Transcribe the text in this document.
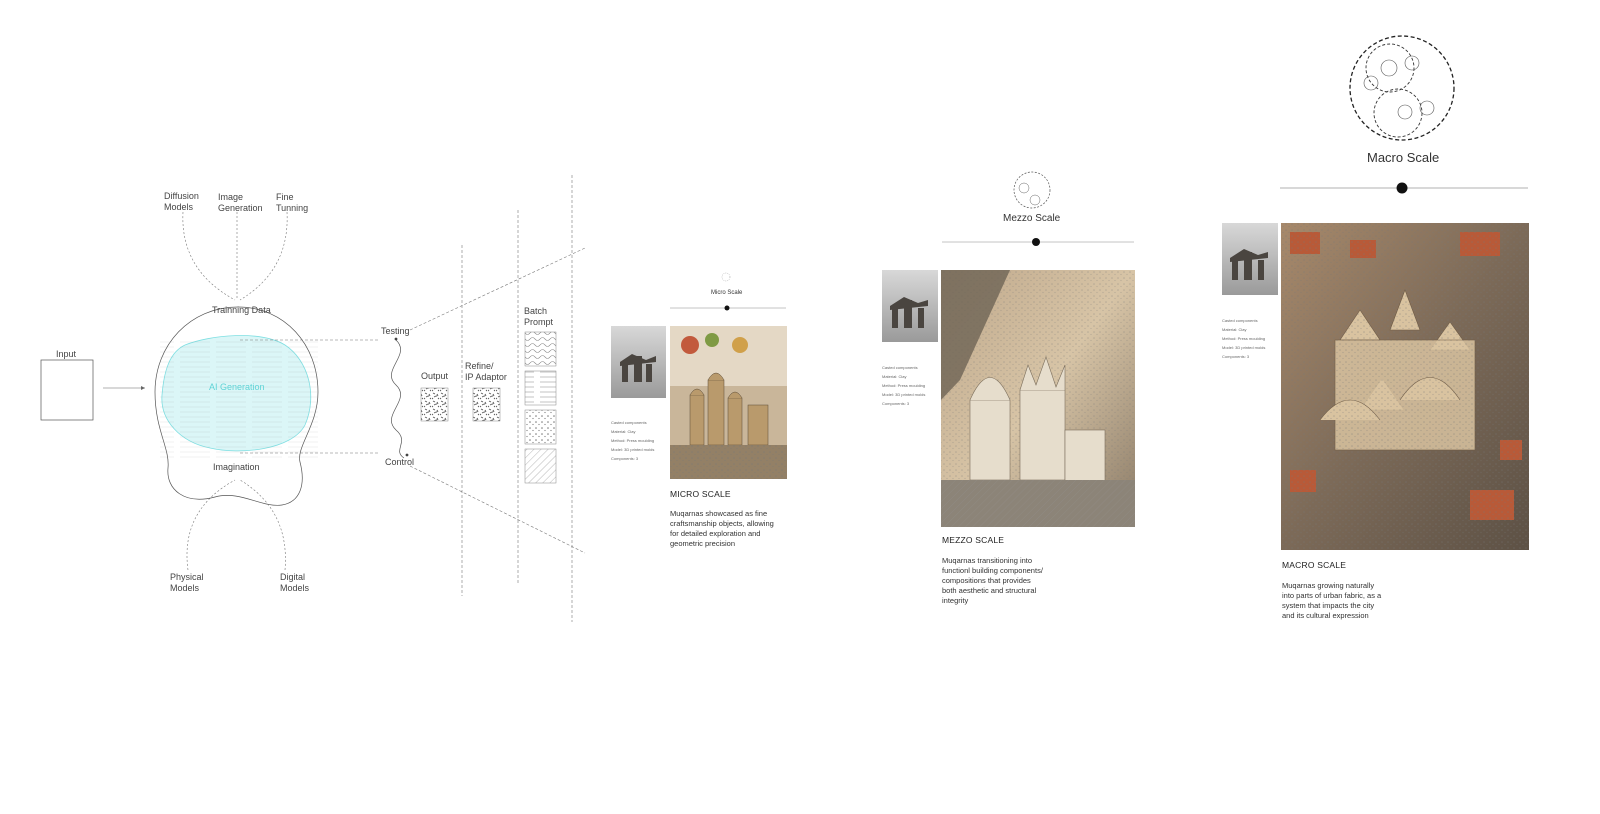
Input
Diffusion
Models
Image
Generation
Fine
Tunning
Trainning Data
AI Generation
Imagination
Physical
Models
Digital
Models
Testing
Control
Output
Refine/
IP Adaptor
Batch
Prompt
Micro Scale

Casted components
Material: Clay
Method: Press moulding
Model: 3D printed molds
Components: 3

MICRO SCALE
Muqarnas showcased as fine
craftsmanship objects, allowing
for detailed exploration and
geometric precision
Mezzo Scale

Casted components
Material: Clay
Method: Press moulding
Model: 3D printed molds
Components: 3

MEZZO SCALE
Muqarnas transitioning into
functionl building components/
compositions that provides
both aesthetic and structural
integrity
Macro Scale

Casted components
Material: Clay
Method: Press moulding
Model: 3D printed molds
Components: 3

MACRO SCALE
Muqarnas growing naturally
into parts of urban fabric, as a
system that impacts the city
and its cultural expression
